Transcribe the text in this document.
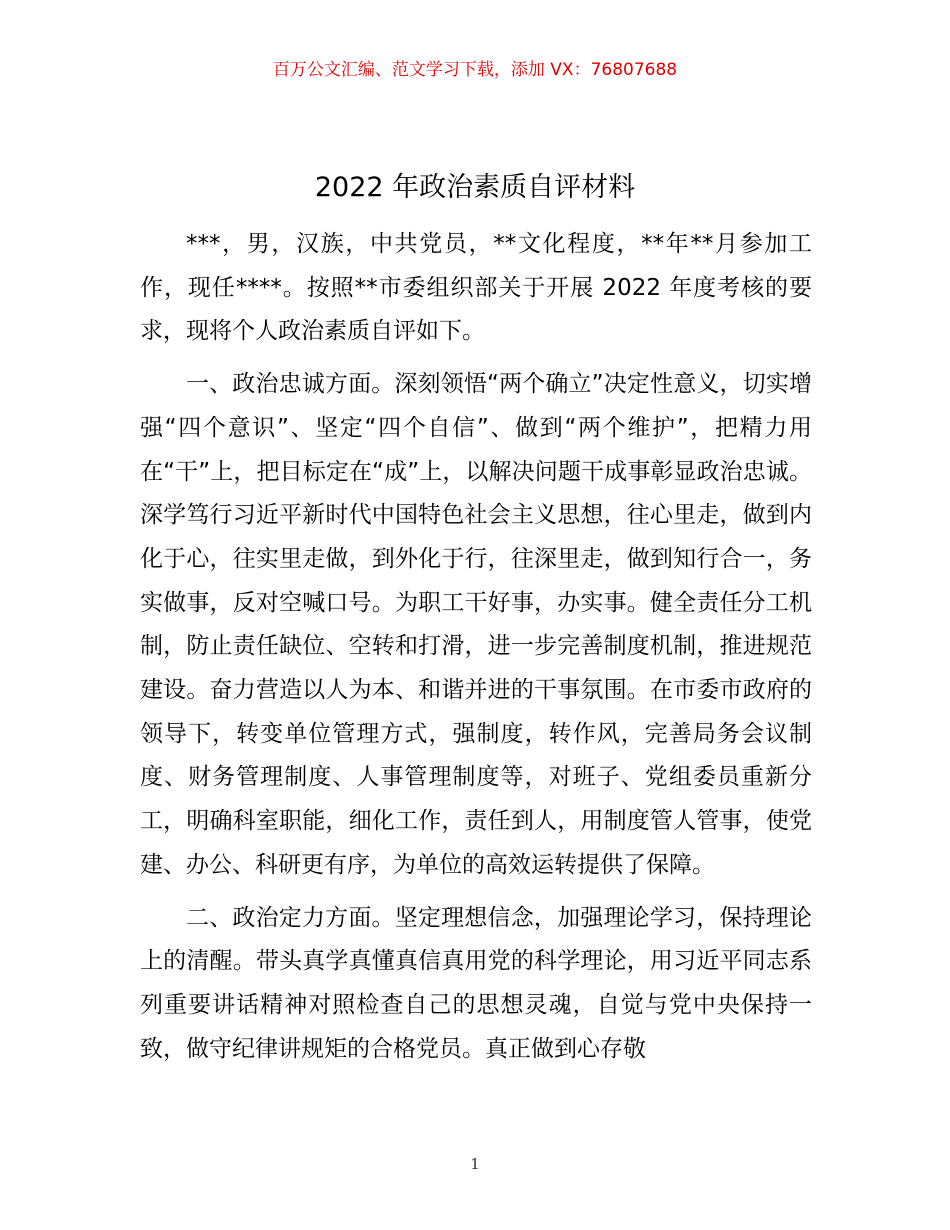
百万公文汇编、范文学习下载，添加 VX：76807688
2022 年政治素质自评材料

***，男，汉族，中共党员，**文化程度，**年**月参加工作，现任****。按照**市委组织部关于开展 2022 年度考核的要求，现将个人政治素质自评如下。

一、政治忠诚方面。深刻领悟“两个确立”决定性意义，切实增强“四个意识”、坚定“四个自信”、做到“两个维护”，把精力用在“干”上，把目标定在“成”上，以解决问题干成事彰显政治忠诚。深学笃行习近平新时代中国特色社会主义思想，往心里走，做到内化于心，往实里走做，到外化于行，往深里走，做到知行合一，务实做事，反对空喊口号。为职工干好事，办实事。健全责任分工机制，防止责任缺位、空转和打滑，进一步完善制度机制，推进规范建设。奋力营造以人为本、和谐并进的干事氛围。在市委市政府的领导下，转变单位管理方式，强制度，转作风，完善局务会议制度、财务管理制度、人事管理制度等，对班子、党组委员重新分工，明确科室职能，细化工作，责任到人，用制度管人管事，使党建、办公、科研更有序，为单位的高效运转提供了保障。

二、政治定力方面。坚定理想信念，加强理论学习，保持理论上的清醒。带头真学真懂真信真用党的科学理论，用习近平同志系列重要讲话精神对照检查自己的思想灵魂，自觉与党中央保持一致，做守纪律讲规矩的合格党员。真正做到心存敬

1
